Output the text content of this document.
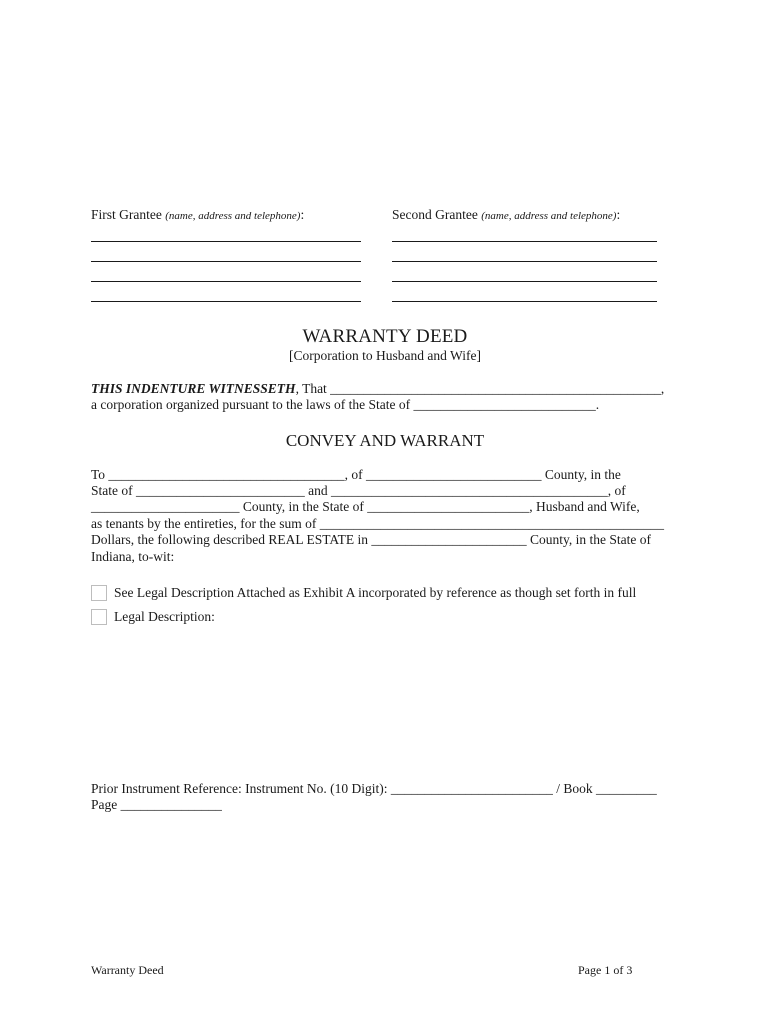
First Grantee (name, address and telephone):	Second Grantee (name, address and telephone):
WARRANTY DEED
[Corporation to Husband and Wife]
THIS INDENTURE WITNESSETH, That _________________________________________________,
a corporation organized pursuant to the laws of the State of ___________________________.
CONVEY AND WARRANT
To ___________________________________, of __________________________ County, in the
State of _________________________ and _________________________________________, of
______________________ County, in the State of ________________________, Husband and Wife,
as tenants by the entireties, for the sum of ___________________________________________________
Dollars, the following described REAL ESTATE in _______________________ County, in the State of
Indiana, to-wit:
See Legal Description Attached as Exhibit A incorporated by reference as though set forth in full
Legal Description:
Prior Instrument Reference: Instrument No. (10 Digit): ________________________ / Book _________
Page _______________
Warranty Deed	Page 1 of 3
